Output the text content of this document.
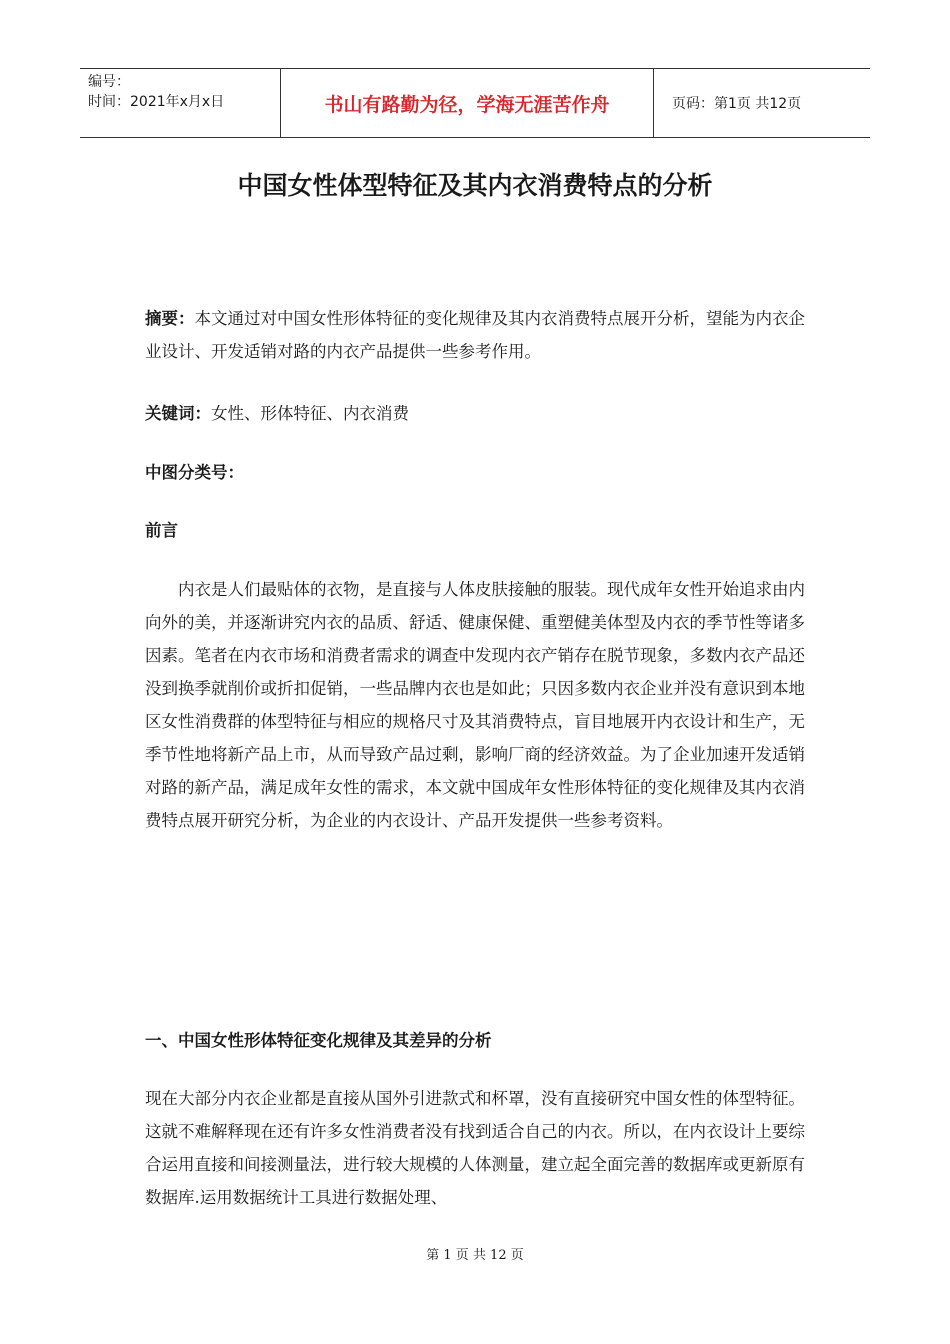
编号：
时间：2021年x月x日	书山有路勤为径，学海无涯苦作舟	页码：第1页 共12页
中国女性体型特征及其内衣消费特点的分析

摘要：本文通过对中国女性形体特征的变化规律及其内衣消费特点展开分析，望能为内衣企业设计、开发适销对路的内衣产品提供一些参考作用。

关键词：女性、形体特征、内衣消费

中图分类号：
前言

内衣是人们最贴体的衣物，是直接与人体皮肤接触的服装。现代成年女性开始追求由内向外的美，并逐渐讲究内衣的品质、舒适、健康保健、重塑健美体型及内衣的季节性等诸多因素。笔者在内衣市场和消费者需求的调查中发现内衣产销存在脱节现象，多数内衣产品还没到换季就削价或折扣促销，一些品牌内衣也是如此；只因多数内衣企业并没有意识到本地区女性消费群的体型特征与相应的规格尺寸及其消费特点，盲目地展开内衣设计和生产，无季节性地将新产品上市，从而导致产品过剩，影响厂商的经济效益。为了企业加速开发适销对路的新产品，满足成年女性的需求，本文就中国成年女性形体特征的变化规律及其内衣消费特点展开研究分析，为企业的内衣设计、产品开发提供一些参考资料。

一、中国女性形体特征变化规律及其差异的分析

现在大部分内衣企业都是直接从国外引进款式和杯罩，没有直接研究中国女性的体型特征。这就不难解释现在还有许多女性消费者没有找到适合自己的内衣。所以，在内衣设计上要综合运用直接和间接测量法，进行较大规模的人体测量，建立起全面完善的数据库或更新原有数据库.运用数据统计工具进行数据处理、

第 1 页 共 12 页
